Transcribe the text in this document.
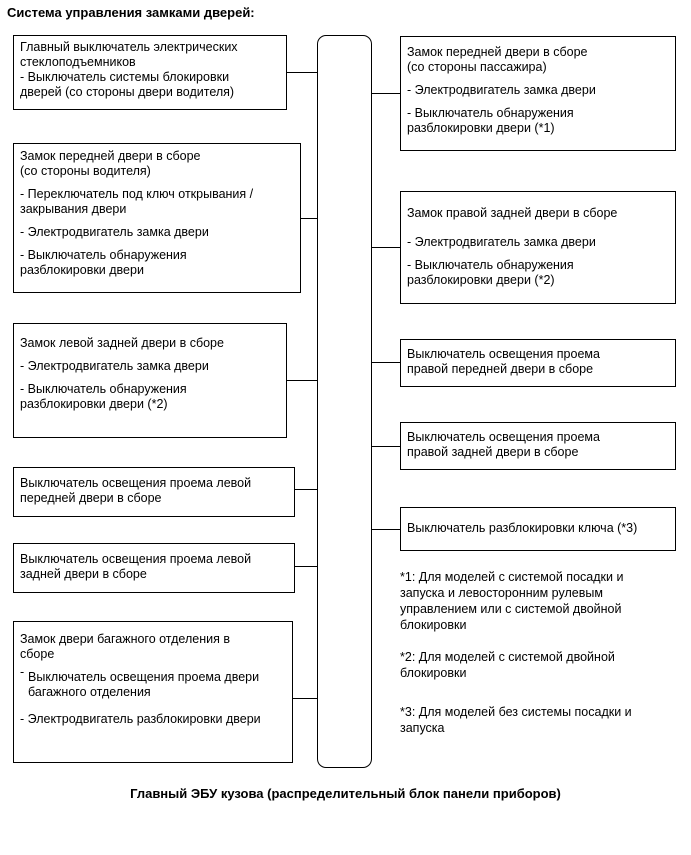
Система управления замками дверей:
Главный выключатель электрических
стеклоподъемников
- Выключатель системы блокировки
дверей (со стороны двери водителя)
Замок передней двери в сборе
(со стороны водителя)
- Переключатель под ключ открывания /
закрывания двери
- Электродвигатель замка двери
- Выключатель обнаружения
разблокировки двери
Замок левой задней двери в сборе
- Электродвигатель замка двери
- Выключатель обнаружения
разблокировки двери (*2)
Выключатель освещения проема левой
передней двери в сборе
Выключатель освещения проема левой
задней двери в сборе
Замок двери багажного отделения в
сборе
- Выключатель освещения проема двери
багажного отделения
- Электродвигатель разблокировки двери
Замок передней двери в сборе
(со стороны пассажира)
- Электродвигатель замка двери
- Выключатель обнаружения
разблокировки двери (*1)
Замок правой задней двери в сборе
- Электродвигатель замка двери
- Выключатель обнаружения
разблокировки двери (*2)
Выключатель освещения проема
правой передней двери в сборе
Выключатель освещения проема
правой задней двери в сборе
Выключатель разблокировки ключа (*3)
*1: Для моделей с системой посадки и
запуска и левосторонним рулевым
управлением или с системой двойной
блокировки
*2: Для моделей с системой двойной
блокировки
*3: Для моделей без системы посадки и
запуска
Главный ЭБУ кузова (распределительный блок панели приборов)
